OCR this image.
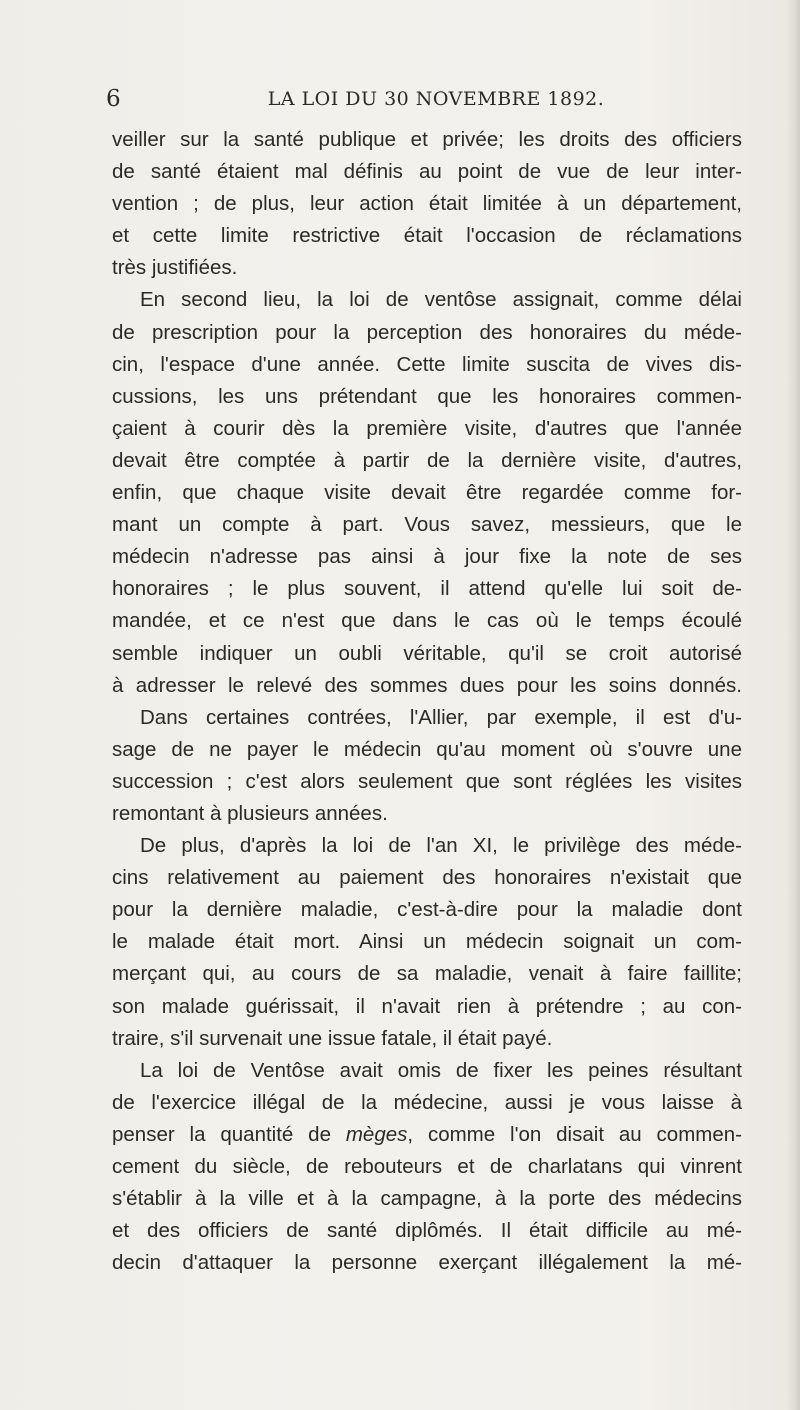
6	LA LOI DU 30 NOVEMBRE 1892.
veiller sur la santé publique et privée; les droits des officiers
de santé étaient mal définis au point de vue de leur inter-
vention ; de plus, leur action était limitée à un département,
et cette limite restrictive était l'occasion de réclamations
très justifiées.
En second lieu, la loi de ventôse assignait, comme délai
de prescription pour la perception des honoraires du méde-
cin, l'espace d'une année. Cette limite suscita de vives dis-
cussions, les uns prétendant que les honoraires commen-
çaient à courir dès la première visite, d'autres que l'année
devait être comptée à partir de la dernière visite, d'autres,
enfin, que chaque visite devait être regardée comme for-
mant un compte à part. Vous savez, messieurs, que le
médecin n'adresse pas ainsi à jour fixe la note de ses
honoraires ; le plus souvent, il attend qu'elle lui soit de-
mandée, et ce n'est que dans le cas où le temps écoulé
semble indiquer un oubli véritable, qu'il se croit autorisé
à adresser le relevé des sommes dues pour les soins donnés.
Dans certaines contrées, l'Allier, par exemple, il est d'u-
sage de ne payer le médecin qu'au moment où s'ouvre une
succession ; c'est alors seulement que sont réglées les visites
remontant à plusieurs années.
De plus, d'après la loi de l'an XI, le privilège des méde-
cins relativement au paiement des honoraires n'existait que
pour la dernière maladie, c'est-à-dire pour la maladie dont
le malade était mort. Ainsi un médecin soignait un com-
merçant qui, au cours de sa maladie, venait à faire faillite;
son malade guérissait, il n'avait rien à prétendre ; au con-
traire, s'il survenait une issue fatale, il était payé.
La loi de Ventôse avait omis de fixer les peines résultant
de l'exercice illégal de la médecine, aussi je vous laisse à
penser la quantité de mèges, comme l'on disait au commen-
cement du siècle, de rebouteurs et de charlatans qui vinrent
s'établir à la ville et à la campagne, à la porte des médecins
et des officiers de santé diplômés. Il était difficile au mé-
decin d'attaquer la personne exerçant illégalement la mé-
